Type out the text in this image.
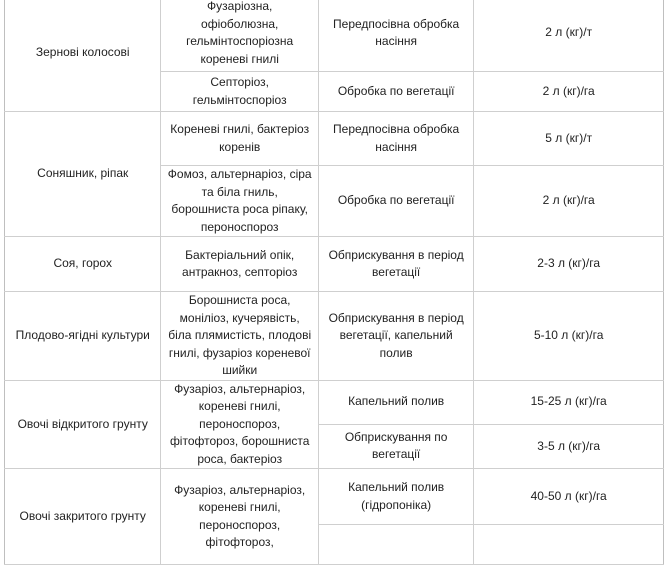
Зернові колосові	Фузаріозна, офіоболюзна, гельмінтоспоріозна кореневі гнилі	Передпосівна обробка насіння	2 л (кг)/т
	Септоріоз, гельмінтоспоріоз	Обробка по вегетації	2 л (кг)/га
Соняшник, ріпак	Кореневі гнилі, бактеріоз коренів	Передпосівна обробка насіння	5 л (кг)/т
	Фомоз, альтернаріоз, сіра та біла гниль, борошниста роса ріпаку, пероноспороз	Обробка по вегетації	2 л (кг)/га
Соя, горох	Бактеріальний опік, антракноз, септоріоз	Обприскування в період вегетації	2-3 л (кг)/га
Плодово-ягідні культури	Борошниста роса, моніліоз, кучерявість, біла плямистість, плодові гнилі, фузаріоз кореневої шийки	Обприскування в період вегетації, капельний полив	5-10 л (кг)/га
Овочі відкритого грунту	Фузаріоз, альтернаріоз, кореневі гнилі, пероноспороз, фітофтороз, борошниста роса, бактеріоз	Капельний полив	15-25 л (кг)/га
		Обприскування по вегетації	3-5 л (кг)/га
Овочі закритого грунту	Фузаріоз, альтернаріоз, кореневі гнилі, пероноспороз, фітофтороз,	Капельний полив (гідропоніка)	40-50 л (кг)/га
